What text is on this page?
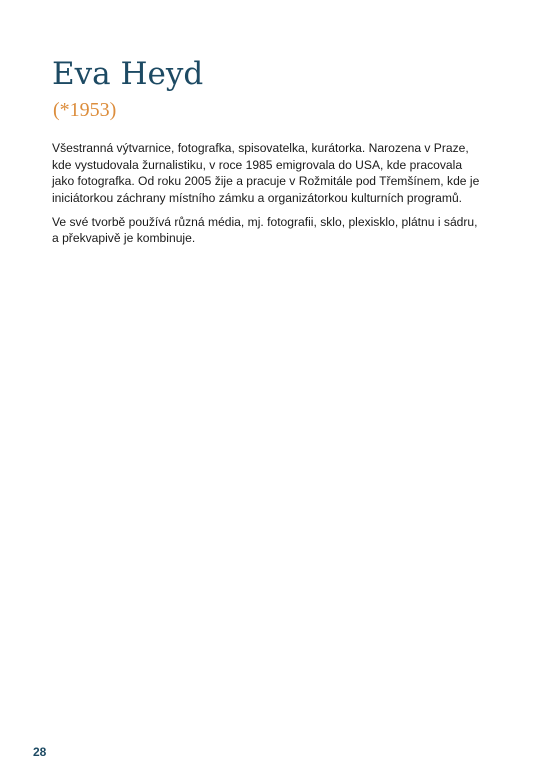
Eva Heyd
(*1953)
Všestranná výtvarnice, fotografka, spisovatelka, kurátorka. Narozena v Praze,
kde vystudovala žurnalistiku, v roce 1985 emigrovala do USA, kde pracovala
jako fotografka. Od roku 2005 žije a pracuje v Rožmitále pod Třemšínem, kde je
iniciátorkou záchrany místního zámku a organizátorkou kulturních programů.
Ve své tvorbě používá různá média, mj. fotografii, sklo, plexisklo, plátnu i sádru,
a překvapivě je kombinuje.
28
